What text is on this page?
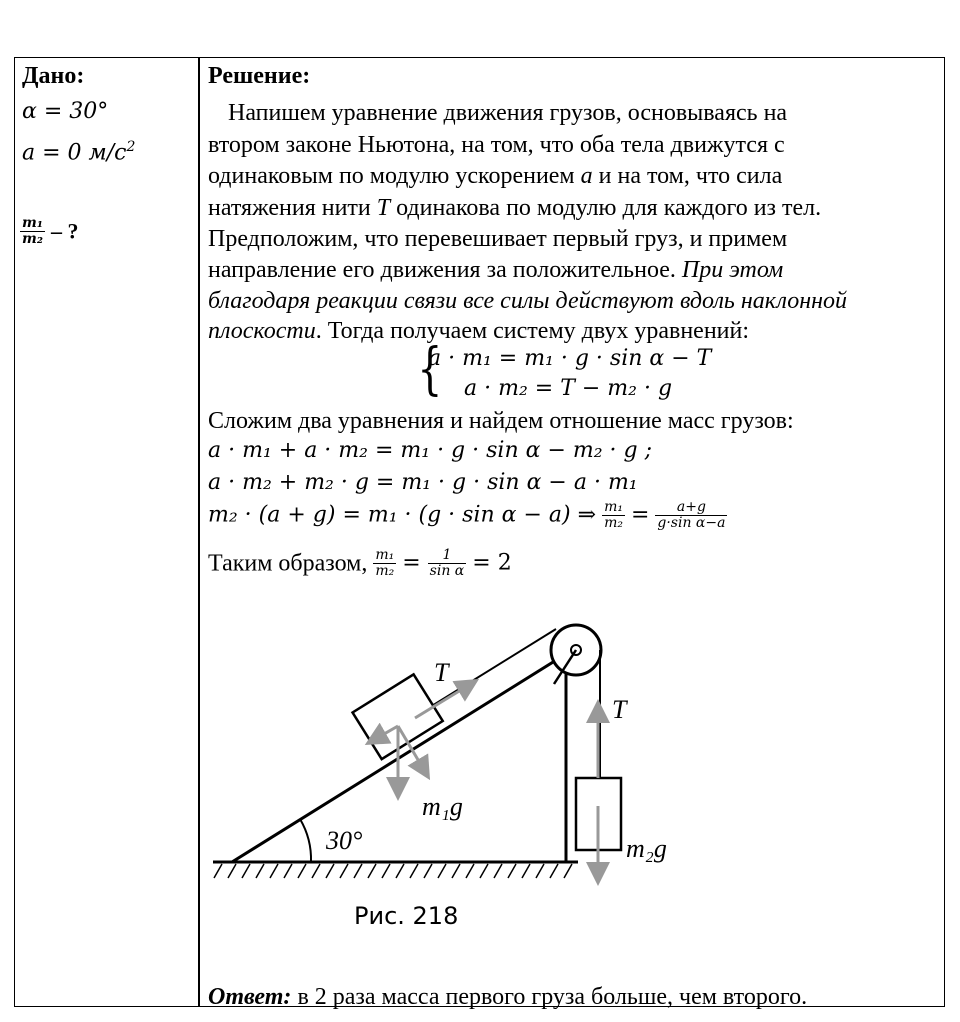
Дано:
α = 30°
a = 0 $м/с^2$
$\frac{\text{m₁}}{\text{m₂}}$ – ?
Решение:
Напишем уравнение движения грузов, основываясь на
втором законе Ньютона, на том, что оба тела движутся с
одинаковым по модулю ускорением a и на том, что сила
натяжения нити T одинакова по модулю для каждого из тел.
Предположим, что перевешивает первый груз, и примем
направление его движения за положительное. При этом
благодаря реакции связи все силы действуют вдоль наклонной
плоскости. Тогда получаем систему двух уравнений:
{
a · m₁ = m₁ · g · sin α − T
a · m₂ = T − m₂ · g
Сложим два уравнения и найдем отношение масс грузов:
a · m₁ + a · m₂ = m₁ · g · sin α − m₂ · g ;
a · m₂ + m₂ · g = m₁ · g · sin α − a · m₁
m₂ · (a + g) = m₁ · (g · sin α − a) ⇒ $\frac{\text{m₁}}{\text{m₂}} = \frac{a+g}{\text{g·sin α−a}}$
Таким образом, $\frac{\text{m₁}}{\text{m₂}} = \frac{1}{\text{sin α}} = 2$
T
T
m₁g
m₂g
30°
Рис. 218
Ответ: в 2 раза масса первого груза больше, чем второго.
